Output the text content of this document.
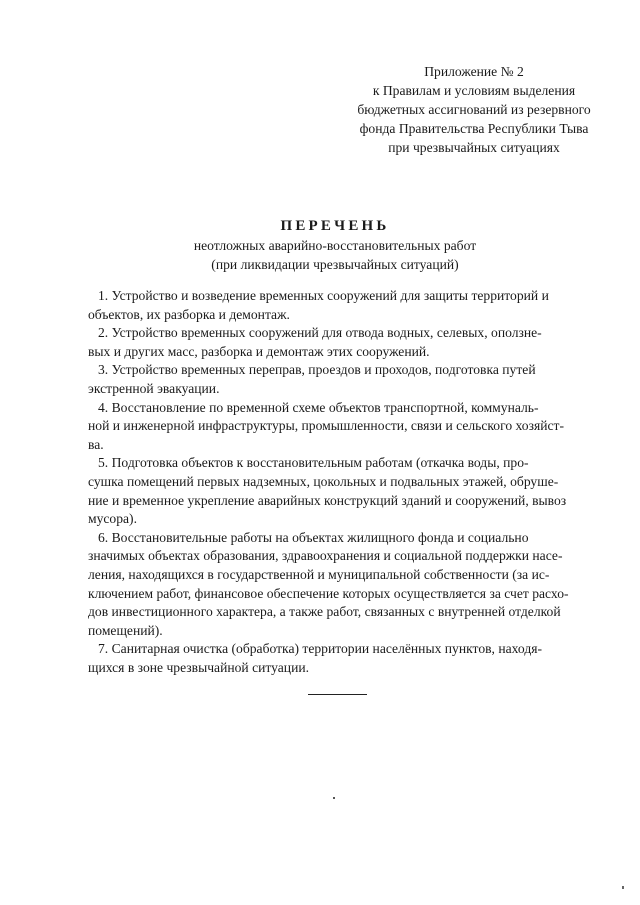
Приложение № 2
к Правилам и условиям выделения
бюджетных ассигнований из резервного
фонда Правительства Республики Тыва
при чрезвычайных ситуациях
ПЕРЕЧЕНЬ
неотложных аварийно-восстановительных работ
(при ликвидации чрезвычайных ситуаций)

1. Устройство и возведение временных сооружений для защиты территорий и
объектов, их разборка и демонтаж.

2. Устройство временных сооружений для отвода водных, селевых, оползне-
вых и других масс, разборка и демонтаж этих сооружений.

3. Устройство временных переправ, проездов и проходов, подготовка путей
экстренной эвакуации.

4. Восстановление по временной схеме объектов транспортной, коммуналь-
ной и инженерной инфраструктуры, промышленности, связи и сельского хозяйст-
ва.

5. Подготовка объектов к восстановительным работам (откачка воды, про-
сушка помещений первых надземных, цокольных и подвальных этажей, обруше-
ние и временное укрепление аварийных конструкций зданий и сооружений, вывоз
мусора).

6. Восстановительные работы на объектах жилищного фонда и социально
значимых объектах образования, здравоохранения и социальной поддержки насе-
ления, находящихся в государственной и муниципальной собственности (за ис-
ключением работ, финансовое обеспечение которых осуществляется за счет расхо-
дов инвестиционного характера, а также работ, связанных с внутренней отделкой
помещений).

7. Санитарная очистка (обработка) территории населённых пунктов, находя-
щихся в зоне чрезвычайной ситуации.
